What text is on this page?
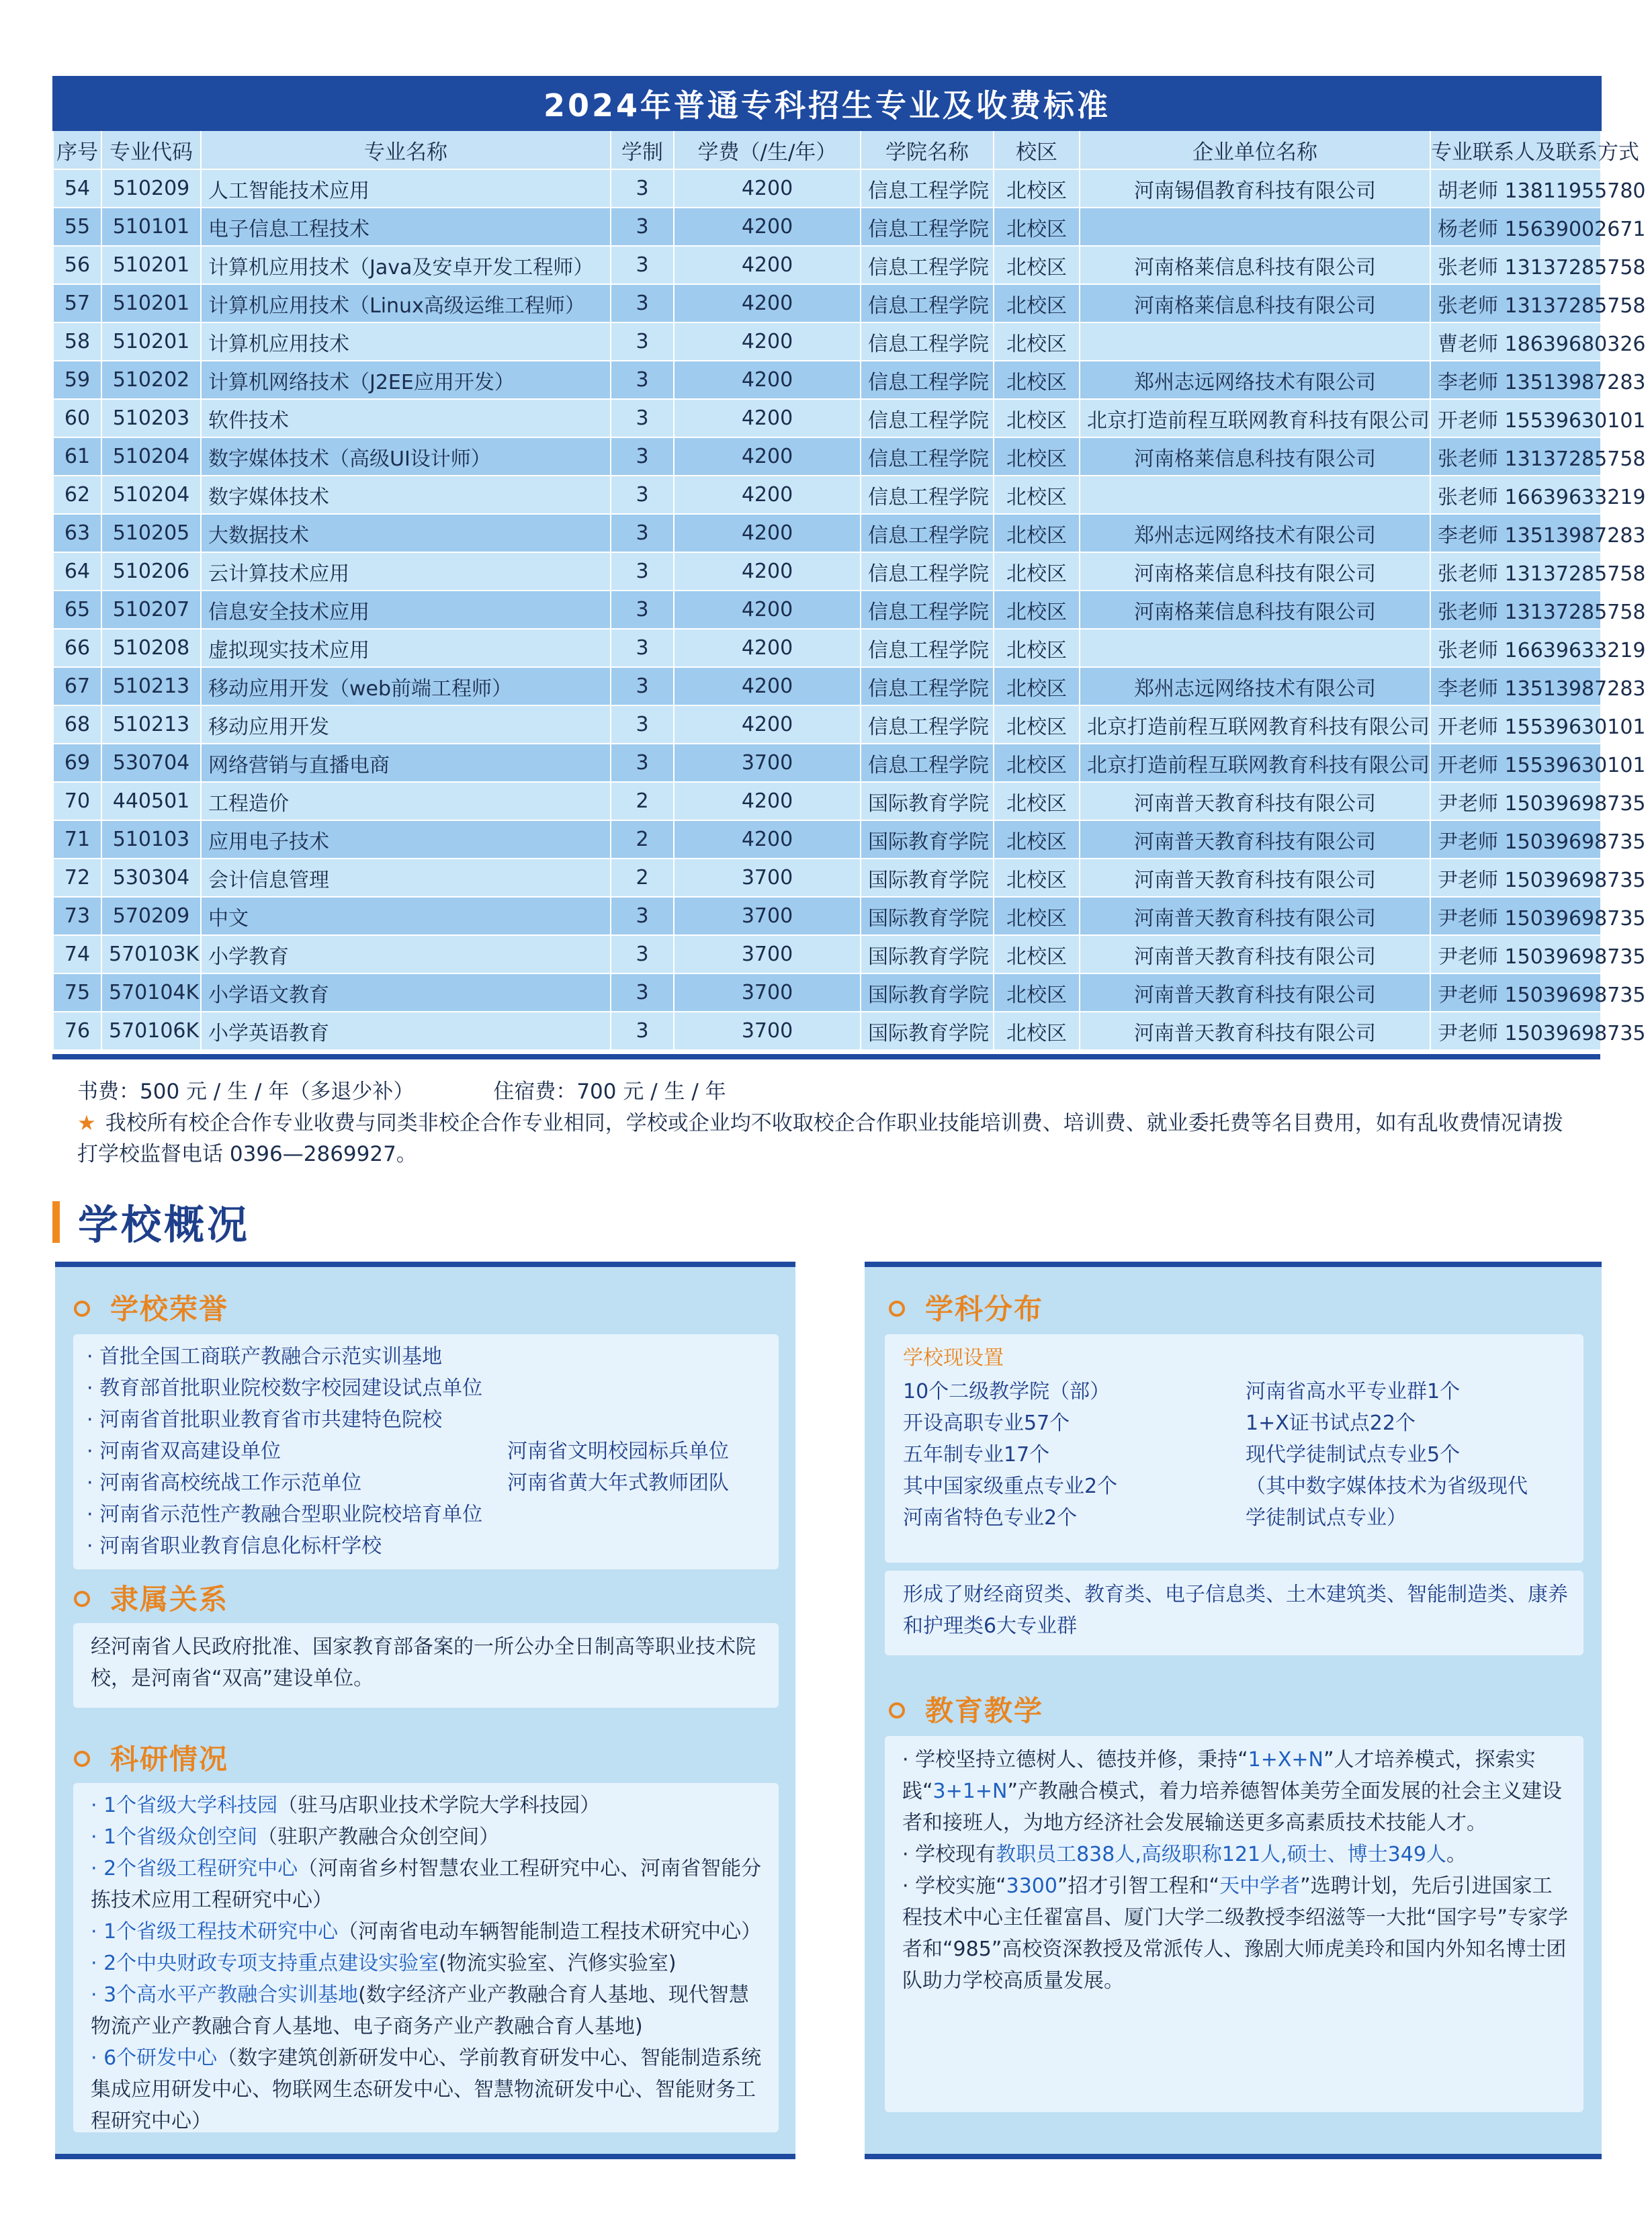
2024年普通专科招生专业及收费标准								
序号	专业代码	专业名称	学制	学费（/生/年）	学院名称	校区	企业单位名称	专业联系人及联系方式
54	510209	人工智能技术应用	3	4200	信息工程学院	北校区	河南锡倡教育科技有限公司	胡老师 13811955780
55	510101	电子信息工程技术	3	4200	信息工程学院	北校区		杨老师 15639002671
56	510201	计算机应用技术（Java及安卓开发工程师）	3	4200	信息工程学院	北校区	河南格莱信息科技有限公司	张老师 13137285758
57	510201	计算机应用技术（Linux高级运维工程师）	3	4200	信息工程学院	北校区	河南格莱信息科技有限公司	张老师 13137285758
58	510201	计算机应用技术	3	4200	信息工程学院	北校区		曹老师 18639680326
59	510202	计算机网络技术（J2EE应用开发）	3	4200	信息工程学院	北校区	郑州志远网络技术有限公司	李老师 13513987283
60	510203	软件技术	3	4200	信息工程学院	北校区	北京打造前程互联网教育科技有限公司	开老师 15539630101
61	510204	数字媒体技术（高级UI设计师）	3	4200	信息工程学院	北校区	河南格莱信息科技有限公司	张老师 13137285758
62	510204	数字媒体技术	3	4200	信息工程学院	北校区		张老师 16639633219
63	510205	大数据技术	3	4200	信息工程学院	北校区	郑州志远网络技术有限公司	李老师 13513987283
64	510206	云计算技术应用	3	4200	信息工程学院	北校区	河南格莱信息科技有限公司	张老师 13137285758
65	510207	信息安全技术应用	3	4200	信息工程学院	北校区	河南格莱信息科技有限公司	张老师 13137285758
66	510208	虚拟现实技术应用	3	4200	信息工程学院	北校区		张老师 16639633219
67	510213	移动应用开发（web前端工程师）	3	4200	信息工程学院	北校区	郑州志远网络技术有限公司	李老师 13513987283
68	510213	移动应用开发	3	4200	信息工程学院	北校区	北京打造前程互联网教育科技有限公司	开老师 15539630101
69	530704	网络营销与直播电商	3	3700	信息工程学院	北校区	北京打造前程互联网教育科技有限公司	开老师 15539630101
70	440501	工程造价	2	4200	国际教育学院	北校区	河南普天教育科技有限公司	尹老师 15039698735
71	510103	应用电子技术	2	4200	国际教育学院	北校区	河南普天教育科技有限公司	尹老师 15039698735
72	530304	会计信息管理	2	3700	国际教育学院	北校区	河南普天教育科技有限公司	尹老师 15039698735
73	570209	中文	3	3700	国际教育学院	北校区	河南普天教育科技有限公司	尹老师 15039698735
74	570103K	小学教育	3	3700	国际教育学院	北校区	河南普天教育科技有限公司	尹老师 15039698735
75	570104K	小学语文教育	3	3700	国际教育学院	北校区	河南普天教育科技有限公司	尹老师 15039698735
76	570106K	小学英语教育	3	3700	国际教育学院	北校区	河南普天教育科技有限公司	尹老师 15039698735
书费：500 元 / 生 / 年（多退少补）	住宿费：700 元 / 生 / 年
★ 我校所有校企合作专业收费与同类非校企合作专业相同，学校或企业均不收取校企合作职业技能培训费、培训费、就业委托费等名目费用，如有乱收费情况请拨打学校监督电话 0396—2869927。
学校概况
学校荣誉
· 首批全国工商联产教融合示范实训基地
· 教育部首批职业院校数字校园建设试点单位
· 河南省首批职业教育省市共建特色院校
· 河南省双高建设单位	河南省文明校园标兵单位
· 河南省高校统战工作示范单位	河南省黄大年式教师团队
· 河南省示范性产教融合型职业院校培育单位
· 河南省职业教育信息化标杆学校
隶属关系
经河南省人民政府批准、国家教育部备案的一所公办全日制高等职业技术院校，是河南省“双高”建设单位。
科研情况
· 1个省级大学科技园（驻马店职业技术学院大学科技园）
· 1个省级众创空间（驻职产教融合众创空间）
· 2个省级工程研究中心（河南省乡村智慧农业工程研究中心、河南省智能分拣技术应用工程研究中心）
· 1个省级工程技术研究中心（河南省电动车辆智能制造工程技术研究中心）
· 2个中央财政专项支持重点建设实验室(物流实验室、汽修实验室)
· 3个高水平产教融合实训基地(数字经济产业产教融合育人基地、现代智慧物流产业产教融合育人基地、电子商务产业产教融合育人基地)
· 6个研发中心（数字建筑创新研发中心、学前教育研发中心、智能制造系统集成应用研发中心、物联网生态研发中心、智慧物流研发中心、智能财务工程研究中心）
学科分布
学校现设置
10个二级教学院（部）	河南省高水平专业群1个
开设高职专业57个	1+X证书试点22个
五年制专业17个	现代学徒制试点专业5个
其中国家级重点专业2个	（其中数字媒体技术为省级现代
河南省特色专业2个	学徒制试点专业）
形成了财经商贸类、教育类、电子信息类、土木建筑类、智能制造类、康养和护理类6大专业群
教育教学
· 学校坚持立德树人、德技并修，秉持“1+X+N”人才培养模式，探索实践“3+1+N”产教融合模式，着力培养德智体美劳全面发展的社会主义建设者和接班人，为地方经济社会发展输送更多高素质技术技能人才。
· 学校现有教职员工838人,高级职称121人,硕士、博士349人。
· 学校实施“3300”招才引智工程和“天中学者”选聘计划，先后引进国家工程技术中心主任翟富昌、厦门大学二级教授李绍滋等一大批“国字号”专家学者和“985”高校资深教授及常派传人、豫剧大师虎美玲和国内外知名博士团队助力学校高质量发展。
